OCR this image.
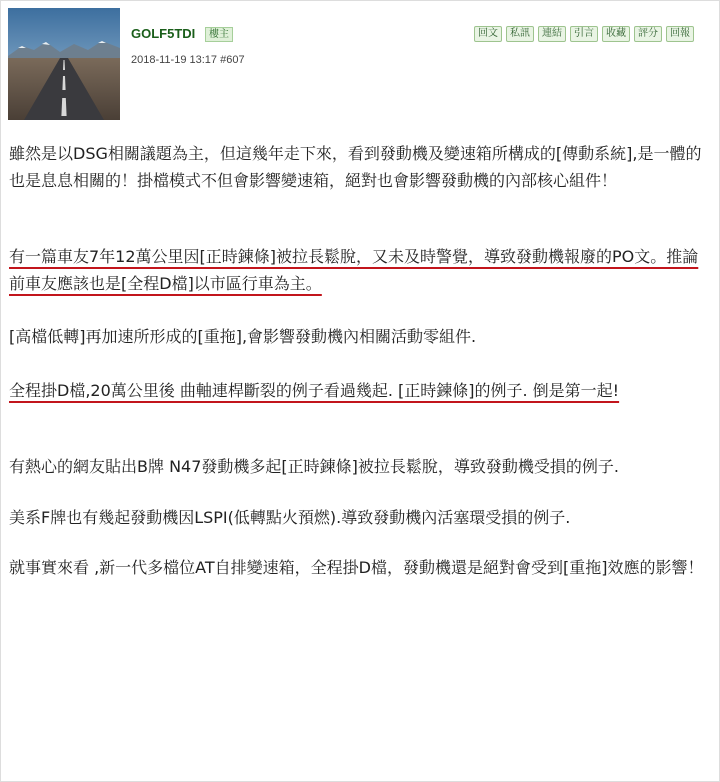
GOLF5TDI	樓主
2018-11-19 13:17 #607
回文	私訊	連結	引言	收藏	評分	回報

雖然是以DSG相關議題為主，但這幾年走下來，看到發動機及變速箱所構成的[傳動系統],是一體的也是息息相關的！掛檔模式不但會影響變速箱，絕對也會影響發動機的內部核心組件！

有一篇車友7年12萬公里因[正時鍊條]被拉長鬆脫，又未及時警覺，導致發動機報廢的PO文。推論前車友應該也是[全程D檔]以市區行車為主。

[高檔低轉]再加速所形成的[重拖],會影響發動機內相關活動零組件.

全程掛D檔,20萬公里後 曲軸連桿斷裂的例子看過幾起. [正時鍊條]的例子. 倒是第一起!

有熱心的網友貼出B牌 N47發動機多起[正時鍊條]被拉長鬆脫，導致發動機受損的例子.

美系F牌也有幾起發動機因LSPI(低轉點火預燃).導致發動機內活塞環受損的例子.

就事實來看 ,新一代多檔位AT自排變速箱，全程掛D檔，發動機還是絕對會受到[重拖]效應的影響！
